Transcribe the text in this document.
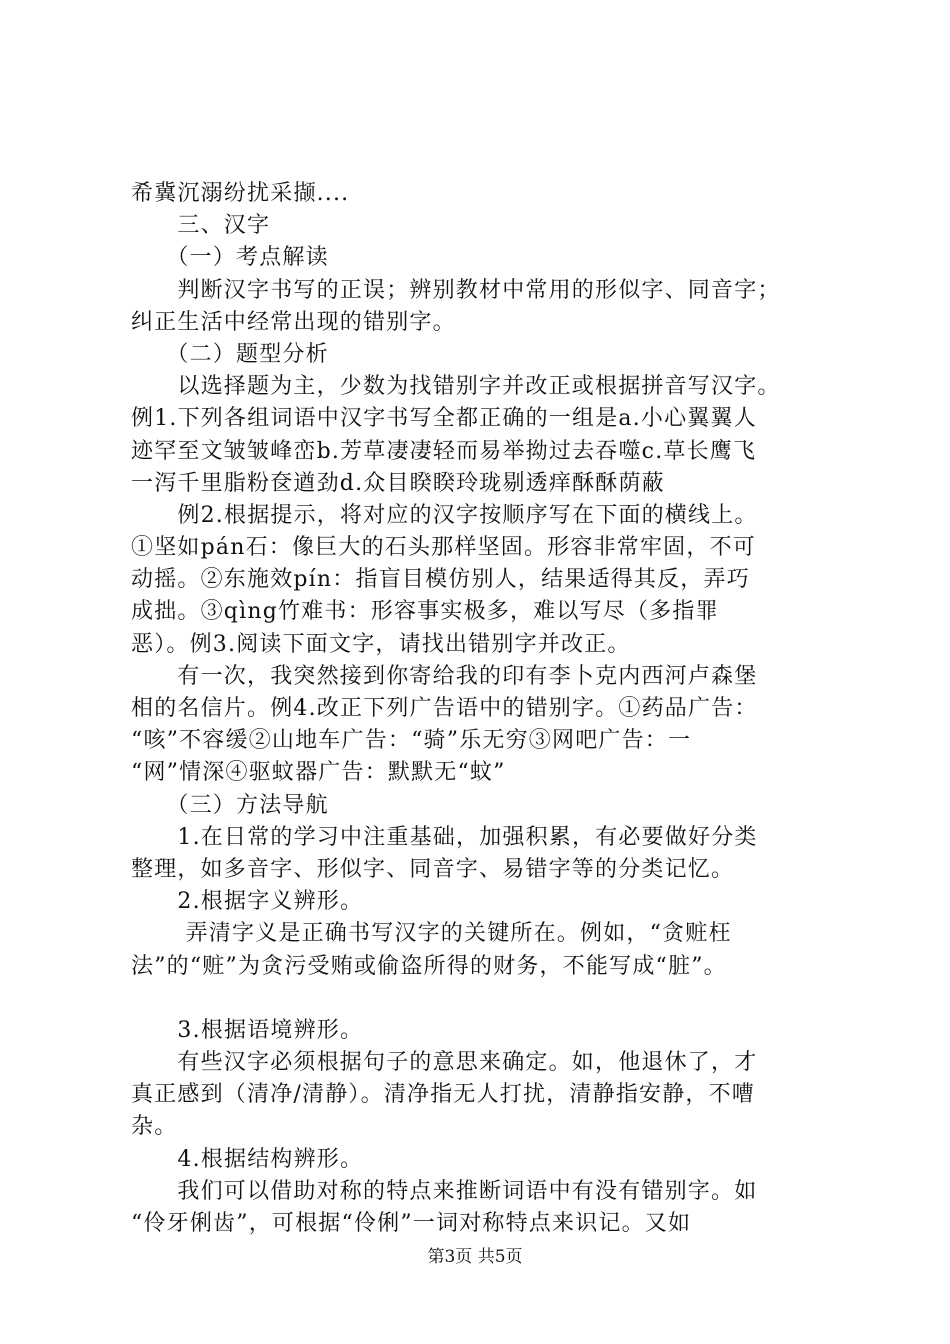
希冀沉溺纷扰采撷....
　　三、汉字
　　（一）考点解读
　　判断汉字书写的正误；辨别教材中常用的形似字、同音字；
纠正生活中经常出现的错别字。
　　（二）题型分析
　　以选择题为主，少数为找错别字并改正或根据拼音写汉字。
例1.下列各组词语中汉字书写全都正确的一组是a.小心翼翼人
迹罕至文皱皱峰峦b.芳草凄凄轻而易举拗过去吞噬c.草长鹰飞
一泻千里脂粉奁遒劲d.众目睽睽玲珑剔透痒酥酥荫蔽
　　例2.根据提示，将对应的汉字按顺序写在下面的横线上。
①坚如pán石：像巨大的石头那样坚固。形容非常牢固，不可
动摇。②东施效pín：指盲目模仿别人，结果适得其反，弄巧
成拙。③qìng竹难书：形容事实极多，难以写尽（多指罪
恶）。例3.阅读下面文字，请找出错别字并改正。
　　有一次，我突然接到你寄给我的印有李卜克内西河卢森堡
相的名信片。例4.改正下列广告语中的错别字。①药品广告：
“咳”不容缓②山地车广告：“骑”乐无穷③网吧广告：一
“网”情深④驱蚊器广告：默默无“蚊”
　　（三）方法导航
　　1.在日常的学习中注重基础，加强积累，有必要做好分类
整理，如多音字、形似字、同音字、易错字等的分类记忆。
　　2.根据字义辨形。
　　 弄清字义是正确书写汉字的关键所在。例如，“贪赃枉
法”的“赃”为贪污受贿或偷盗所得的财务，不能写成“脏”。
　　3.根据语境辨形。
　　有些汉字必须根据句子的意思来确定。如，他退休了，才
真正感到（清净/清静）。清净指无人打扰，清静指安静，不嘈
杂。
　　4.根据结构辨形。
　　我们可以借助对称的特点来推断词语中有没有错别字。如
“伶牙俐齿”，可根据“伶俐”一词对称特点来识记。又如
第3页 共5页
